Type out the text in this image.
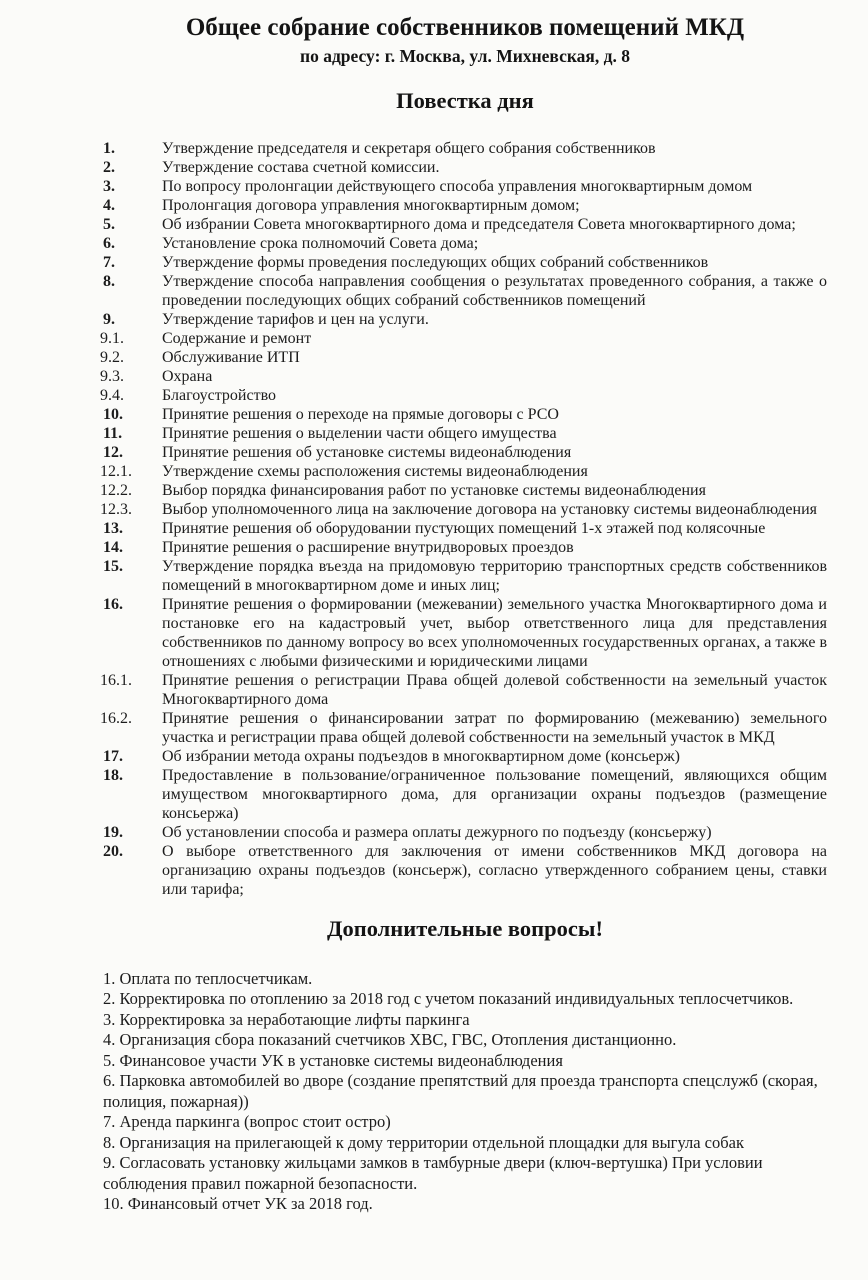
Общее собрание собственников помещений МКД
по адресу: г. Москва, ул. Михневская, д. 8
Повестка дня
1.	Утверждение председателя и секретаря общего собрания собственников
2.	Утверждение состава счетной комиссии.
3.	По вопросу пролонгации действующего способа управления многоквартирным домом
4.	Пролонгация договора управления многоквартирным домом;
5.	Об избрании Совета многоквартирного дома и председателя Совета многоквартирного дома;
6.	Установление срока полномочий Совета дома;
7.	Утверждение формы проведения последующих общих собраний собственников
8.	Утверждение способа направления сообщения о результатах проведенного собрания, а также о проведении последующих общих собраний собственников помещений
9.	Утверждение тарифов и цен на услуги.
9.1.	Содержание и ремонт
9.2.	Обслуживание ИТП
9.3.	Охрана
9.4.	Благоустройство
10.	Принятие решения о переходе на прямые договоры с РСО
11.	Принятие решения о выделении части общего имущества
12.	Принятие решения об установке системы видеонаблюдения
12.1.	Утверждение схемы расположения системы видеонаблюдения
12.2.	Выбор порядка финансирования работ по установке системы видеонаблюдения
12.3.	Выбор уполномоченного лица на заключение договора на установку системы видеонаблюдения
13.	Принятие решения об оборудовании пустующих помещений 1-х этажей под колясочные
14.	Принятие решения о расширение внутридворовых проездов
15.	Утверждение порядка въезда на придомовую территорию транспортных средств собственников помещений в многоквартирном доме и иных лиц;
16.	Принятие решения о формировании (межевании) земельного участка Многоквартирного дома и постановке его на кадастровый учет, выбор ответственного лица для представления собственников по данному вопросу во всех уполномоченных государственных органах, а также в отношениях с любыми физическими и юридическими лицами
16.1.	Принятие решения о регистрации Права общей долевой собственности на земельный участок Многоквартирного дома
16.2.	Принятие решения о финансировании затрат по формированию (межеванию) земельного участка и регистрации права общей долевой собственности на земельный участок в МКД
17.	Об избрании метода охраны подъездов в многоквартирном доме (консьерж)
18.	Предоставление в пользование/ограниченное пользование помещений, являющихся общим имуществом многоквартирного дома, для организации охраны подъездов (размещение консьержа)
19.	Об установлении способа и размера оплаты дежурного по подъезду (консьержу)
20.	О выборе ответственного для заключения от имени собственников МКД договора на организацию охраны подъездов (консьерж), согласно утвержденного собранием цены, ставки или тарифа;
Дополнительные вопросы!

1. Оплата по теплосчетчикам.

2. Корректировка по отоплению за 2018 год с учетом показаний индивидуальных теплосчетчиков.

3. Корректировка за неработающие лифты паркинга

4. Организация сбора показаний счетчиков ХВС, ГВС, Отопления дистанционно.

5. Финансовое участи УК в установке системы видеонаблюдения

6. Парковка автомобилей во дворе (создание препятствий для проезда транспорта спецслужб (скорая, полиция, пожарная))

7. Аренда паркинга (вопрос стоит остро)

8. Организация на прилегающей к дому территории отдельной площадки для выгула собак

9. Согласовать установку жильцами замков в тамбурные двери (ключ-вертушка) При условии соблюдения правил пожарной безопасности.

10. Финансовый отчет УК за 2018 год.
